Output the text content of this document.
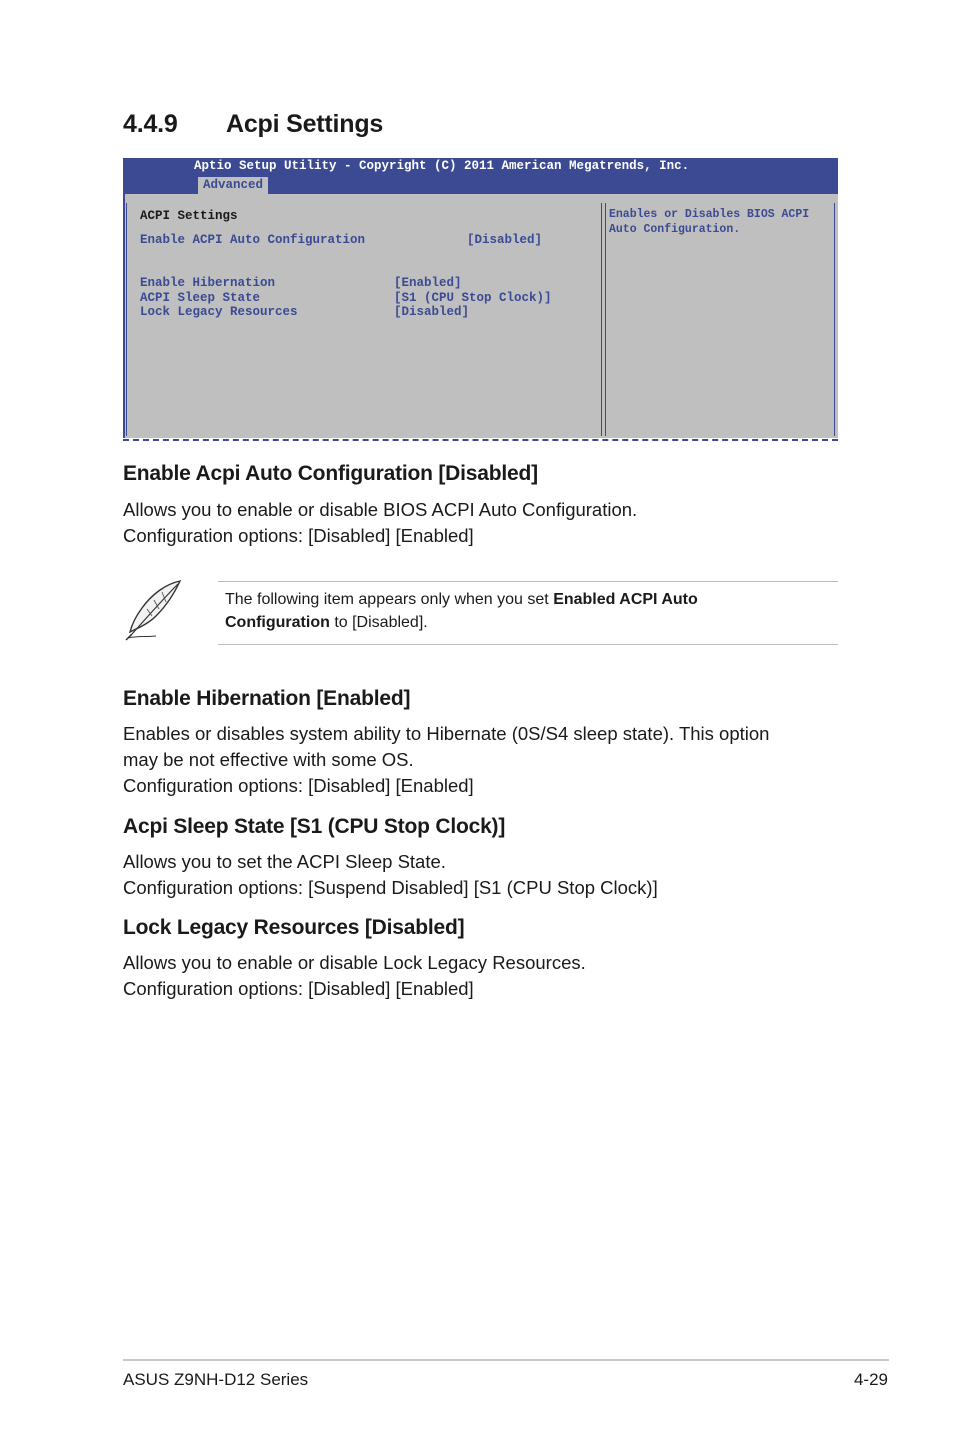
4.4.9 Acpi Settings
Aptio Setup Utility - Copyright (C) 2011 American Megatrends, Inc.
Advanced
ACPI Settings
Enable ACPI Auto Configuration	[Disabled]
Enable Hibernation	[Enabled]
ACPI Sleep State	[S1 (CPU Stop Clock)]
Lock Legacy Resources	[Disabled]
Enables or Disables BIOS ACPI
Auto Configuration.
Enable Acpi Auto Configuration [Disabled]

Allows you to enable or disable BIOS ACPI Auto Configuration.

Configuration options: [Disabled] [Enabled]

The following item appears only when you set Enabled ACPI Auto
Configuration to [Disabled].
Enable Hibernation [Enabled]

Enables or disables system ability to Hibernate (0S/S4 sleep state). This option

may be not effective with some OS.

Configuration options: [Disabled] [Enabled]

Acpi Sleep State [S1 (CPU Stop Clock)]

Allows you to set the ACPI Sleep State.

Configuration options: [Suspend Disabled] [S1 (CPU Stop Clock)]

Lock Legacy Resources [Disabled]

Allows you to enable or disable Lock Legacy Resources.

Configuration options: [Disabled] [Enabled]

ASUS Z9NH-D12 Series	4-29
